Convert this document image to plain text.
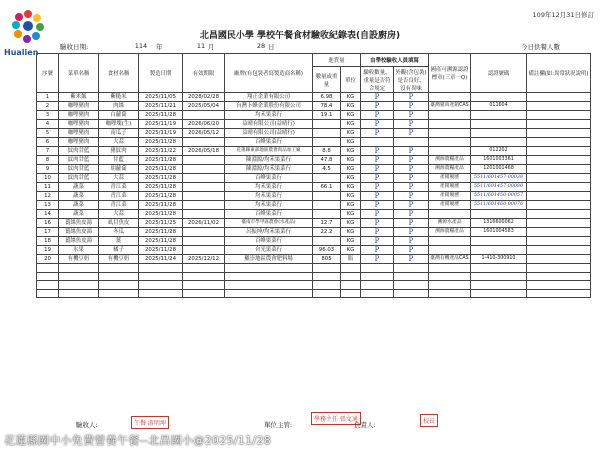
Hualien
109年12月31日修訂
北昌國民小學 學校午餐食材驗收紀錄表(自設廚房)
驗收日期:	114	年	11 月	28 日	今日供餐人數
序號	菜單名稱	食材名稱	製造日期	有效期限	廠牌(有包裝者寫製造商名稱)	進貨量		由學校驗收人員填寫		國產可溯源認證標章(三章一Q)	認證號碼	備註欄(如:異常狀況說明)
						數量或重量	單位	驗收數量、重量是否符合規定	外觀(含包裝)是否良好、沒有異味			
1	紫米飯	紫糙米	2025/11/05	2028/02/28	翔正企業有限公司	6.98	KG	P	P			
2	咖哩豬肉	肉絲	2025/11/21	2025/05/04	台灣卜蜂企業股份有限公司	78.4	KG	P	P	臺灣豬肉產銷CAS	011604	
3	咖哩豬肉	白蘿蔔	2025/11/28		均禾果菜行	19.1	KG	P	P			
4	咖哩豬肉	咖哩塊(生)	2025/11/19	2026/06/20	益晴有限公司(益晴行)		KG	P	P			
5	咖哩豬肉	南瓜子	2025/11/19	2026/05/12	益晴有限公司(益晴行)		KG	P	P			
6	咖哩豬肉	大蒜	2025/11/28		百峰果菜行		KG					
7	紋肉甘藍	豬紋肉	2025/11/22	2026/05/18	花蓮縣東部地區農會肉品加工廠	8.8	KG	P	P		012202	
8	紋肉甘藍	甘藍	2025/11/28		陳淵源/均禾果菜行	47.8	KG	P	P	溯源農糧產品	1601003361	
9	紋肉甘藍	胡蘿蔔	2025/11/28		陳淵源/均禾果菜行	4.5	KG	P	P	溯源農糧產品	1201001468	
10	紋肉甘藍	大蒜	2025/11/28		百峰果菜行		KG	P	P	產銷履歷	5511/601457-00038	
11	蔬菜	青江菜	2025/11/28		均禾果菜行	66.1	KG	P	P	產銷履歷	5511/601457-00080	
12	蔬菜	青江菜	2025/11/28		均禾果菜行		KG	P	P	產銷履歷	5511/601450-00057	
13	蔬菜	青江菜	2025/11/28		均禾果菜行		KG	P	P	產銷履歷	5511/601460-00076	
14	蔬菜	大蒜	2025/11/28		百峰果菜行		KG	P	P			
16	薑絲魚皮湯	虱目魚皮	2025/11/25	2026/11/02	臺南市學甲區農會(水產品)	12.7	KG	P	P	溯源水產品	1316600062	
17	薑絲魚皮湯	冬瓜	2025/11/28		呂振坤/均禾果菜行	22.2	KG	P	P	溯源農糧產品	1601004583	
18	薑絲魚皮湯	薑	2025/11/28		百峰果菜行		KG	P	P			
19	水果	橘子	2025/11/28		台光果菜行	96.03	KG	P	P			
20	有機豆奶	有機豆奶	2025/11/24	2025/12/12	羅崇地區農會肥料場	805	瓶	P	P	臺灣有機產品CAS	1-410-300910	

驗收人:	午餐 游明坤	單位主管:
學務主任 張文通
負責人:	校長
花蓮縣國中小免費營養午餐--北昌國小@2025/11/28
